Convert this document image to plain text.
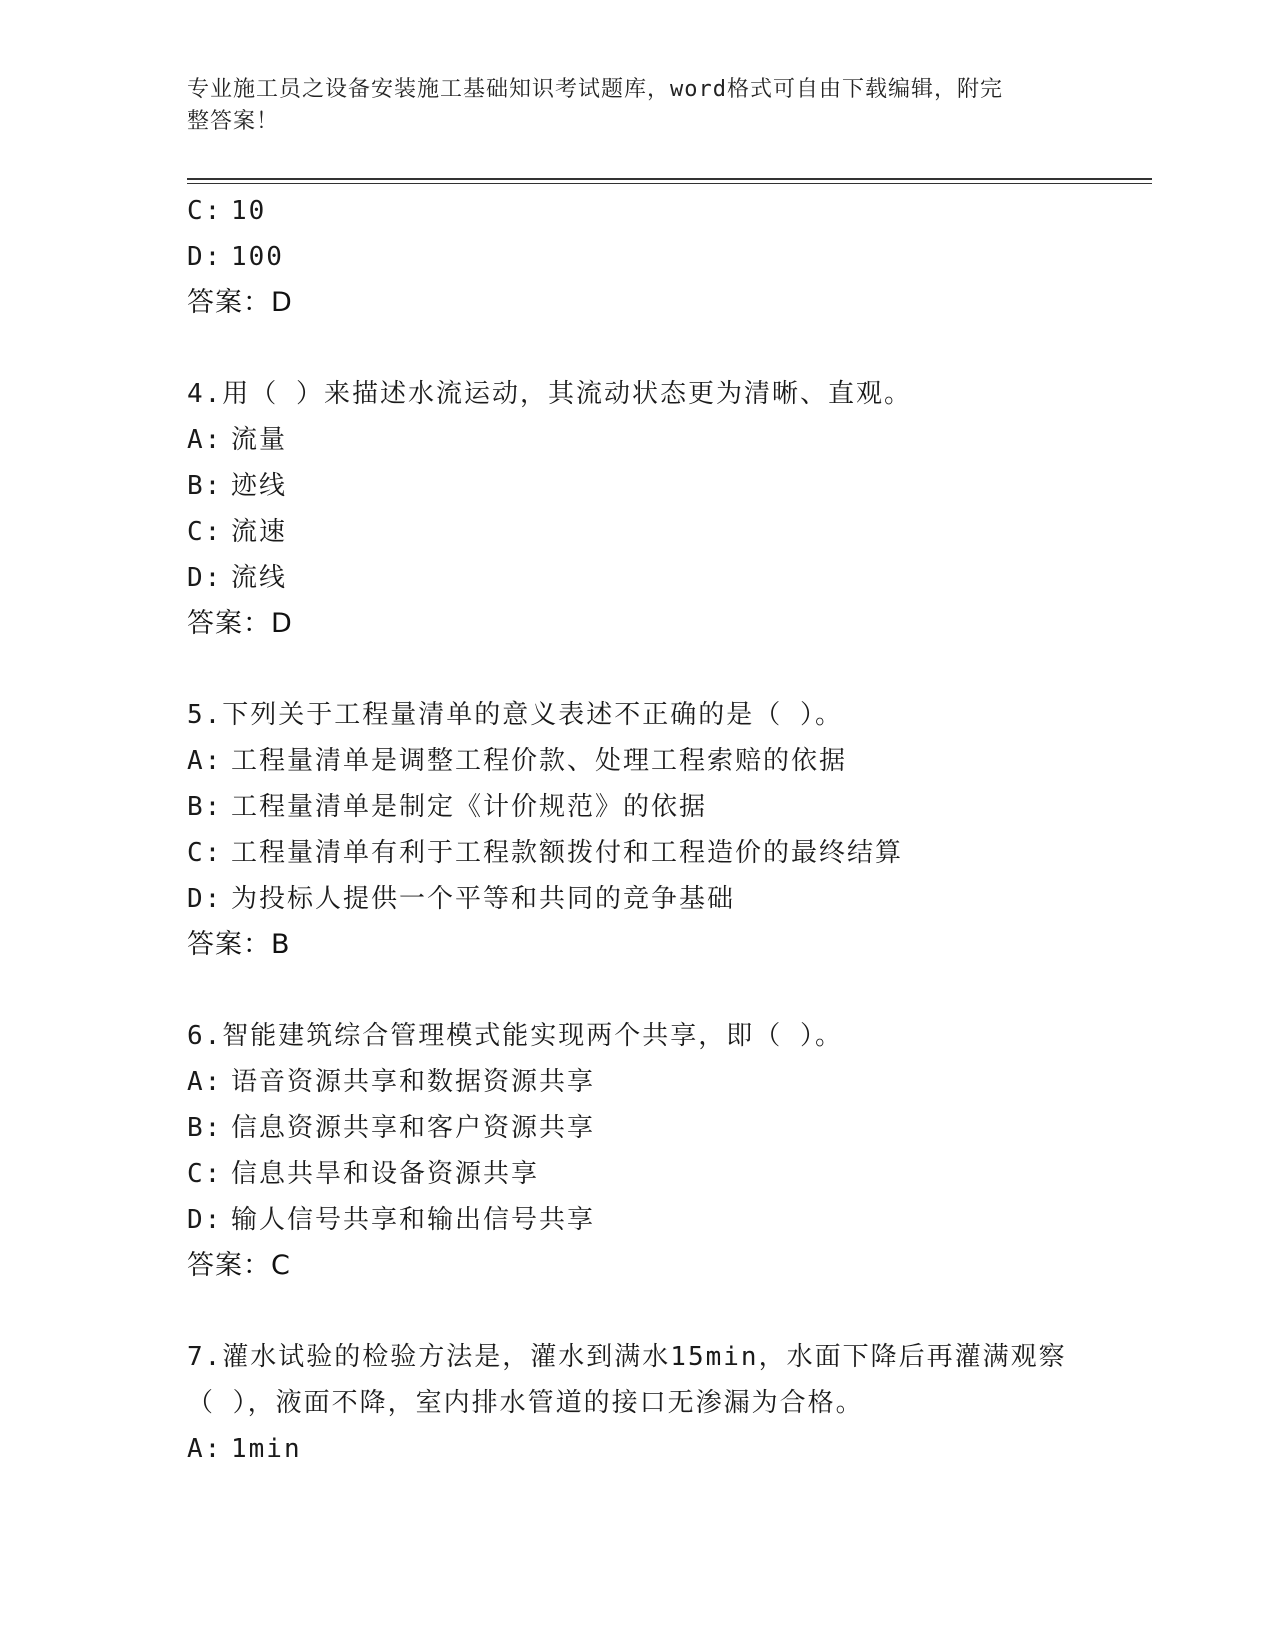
专业施工员之设备安装施工基础知识考试题库，word格式可自由下载编辑，附完
整答案！
C: 10
D: 100
答案：D
4.用（ ）来描述水流运动，其流动状态更为清晰、直观。
A: 流量
B: 迹线
C: 流速
D: 流线
答案：D
5.下列关于工程量清单的意义表述不正确的是（ ）。
A: 工程量清单是调整工程价款、处理工程索赔的依据
B: 工程量清单是制定《计价规范》的依据
C: 工程量清单有利于工程款额拨付和工程造价的最终结算
D: 为投标人提供一个平等和共同的竞争基础
答案：B
6.智能建筑综合管理模式能实现两个共享，即（ ）。
A: 语音资源共享和数据资源共享
B: 信息资源共享和客户资源共享
C: 信息共旱和设备资源共享
D: 输人信号共享和输出信号共享
答案：C
7.灌水试验的检验方法是，灌水到满水15min，水面下降后再灌满观察
（ ），液面不降，室内排水管道的接口无渗漏为合格。
A: 1min
